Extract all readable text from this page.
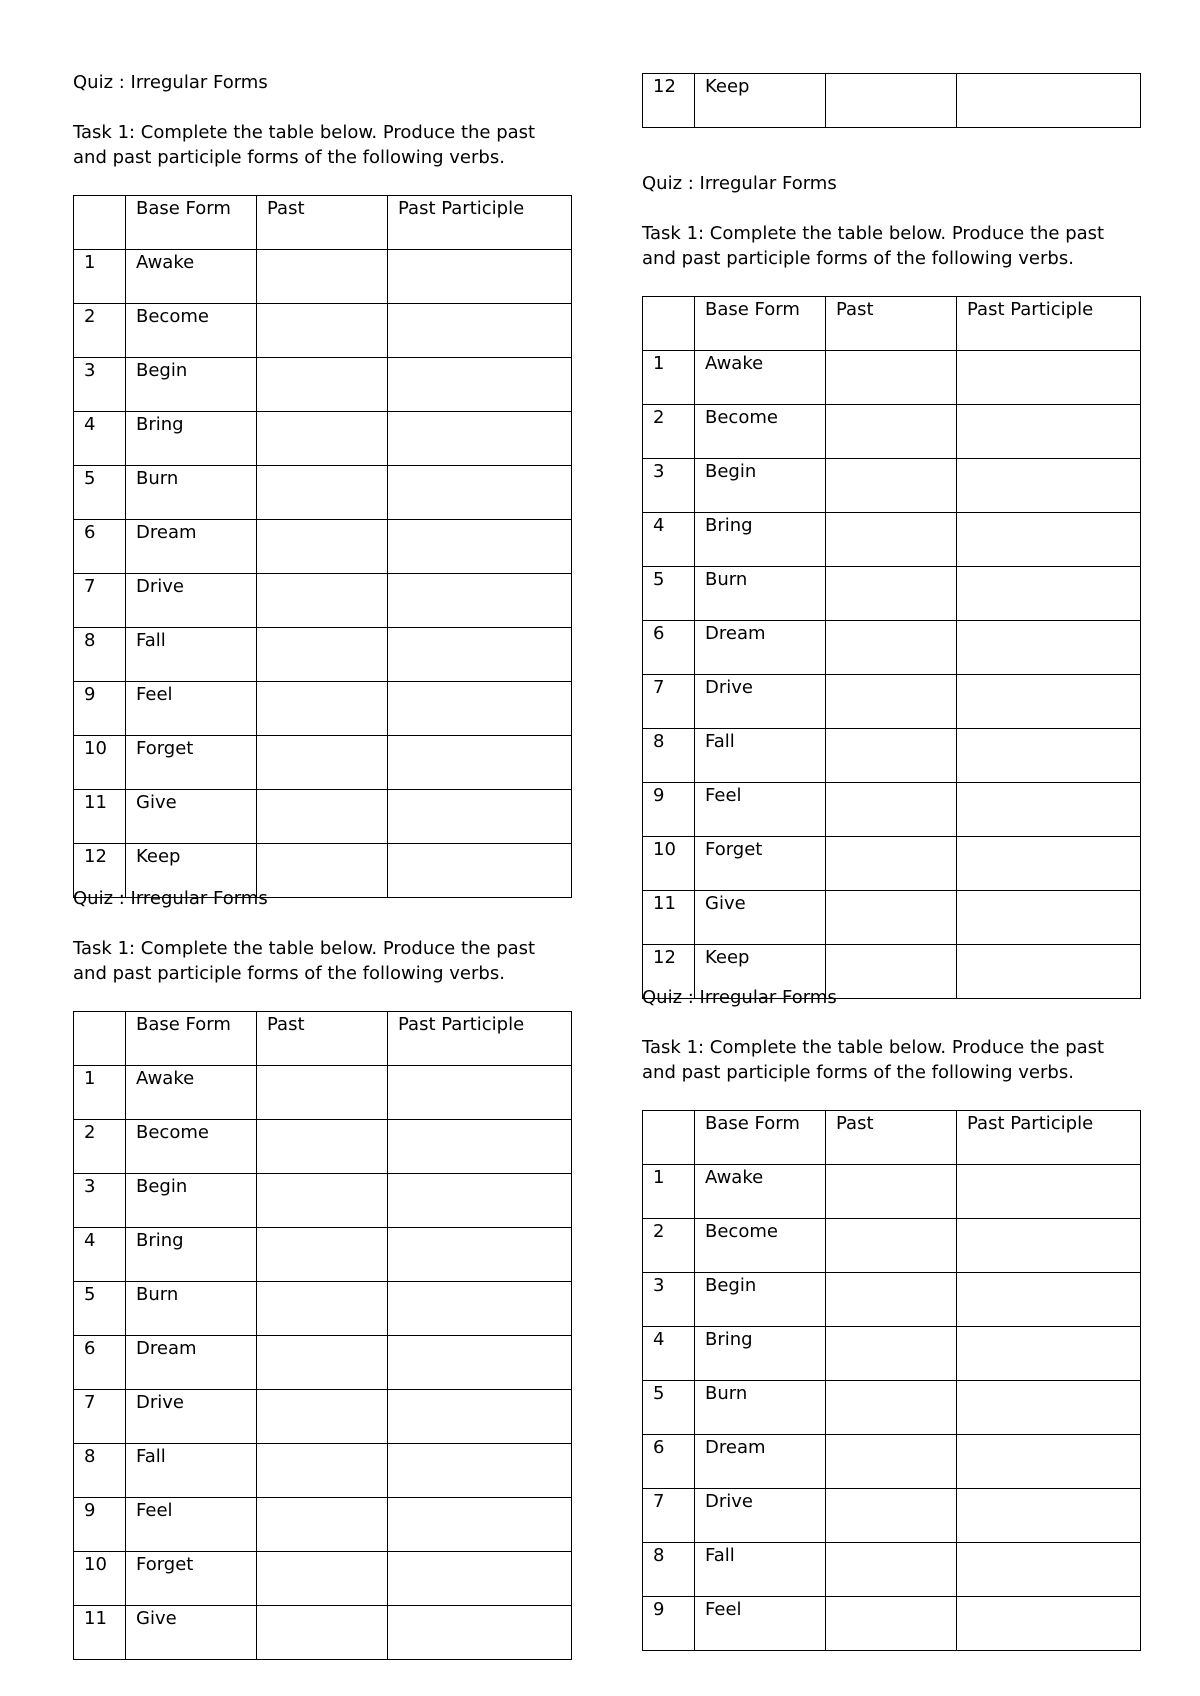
12	Keep		
Quiz : Irregular Forms

Task 1: Complete the table below. Produce the past
and past participle forms of the following verbs.

	Base Form	Past	Past Participle
1	Awake		
2	Become		
3	Begin		
4	Bring		
5	Burn		
6	Dream		
7	Drive		
8	Fall		
9	Feel		
10	Forget		
11	Give		
12	Keep		
Quiz : Irregular Forms

Task 1: Complete the table below. Produce the past
and past participle forms of the following verbs.

	Base Form	Past	Past Participle
1	Awake		
2	Become		
3	Begin		
4	Bring		
5	Burn		
6	Dream		
7	Drive		
8	Fall		
9	Feel		
10	Forget		
11	Give		
Quiz : Irregular Forms

Task 1: Complete the table below. Produce the past
and past participle forms of the following verbs.

	Base Form	Past	Past Participle
1	Awake		
2	Become		
3	Begin		
4	Bring		
5	Burn		
6	Dream		
7	Drive		
8	Fall		
9	Feel		
10	Forget		
11	Give		
12	Keep		
Quiz : Irregular Forms

Task 1: Complete the table below. Produce the past
and past participle forms of the following verbs.

	Base Form	Past	Past Participle
1	Awake		
2	Become		
3	Begin		
4	Bring		
5	Burn		
6	Dream		
7	Drive		
8	Fall		
9	Feel		
